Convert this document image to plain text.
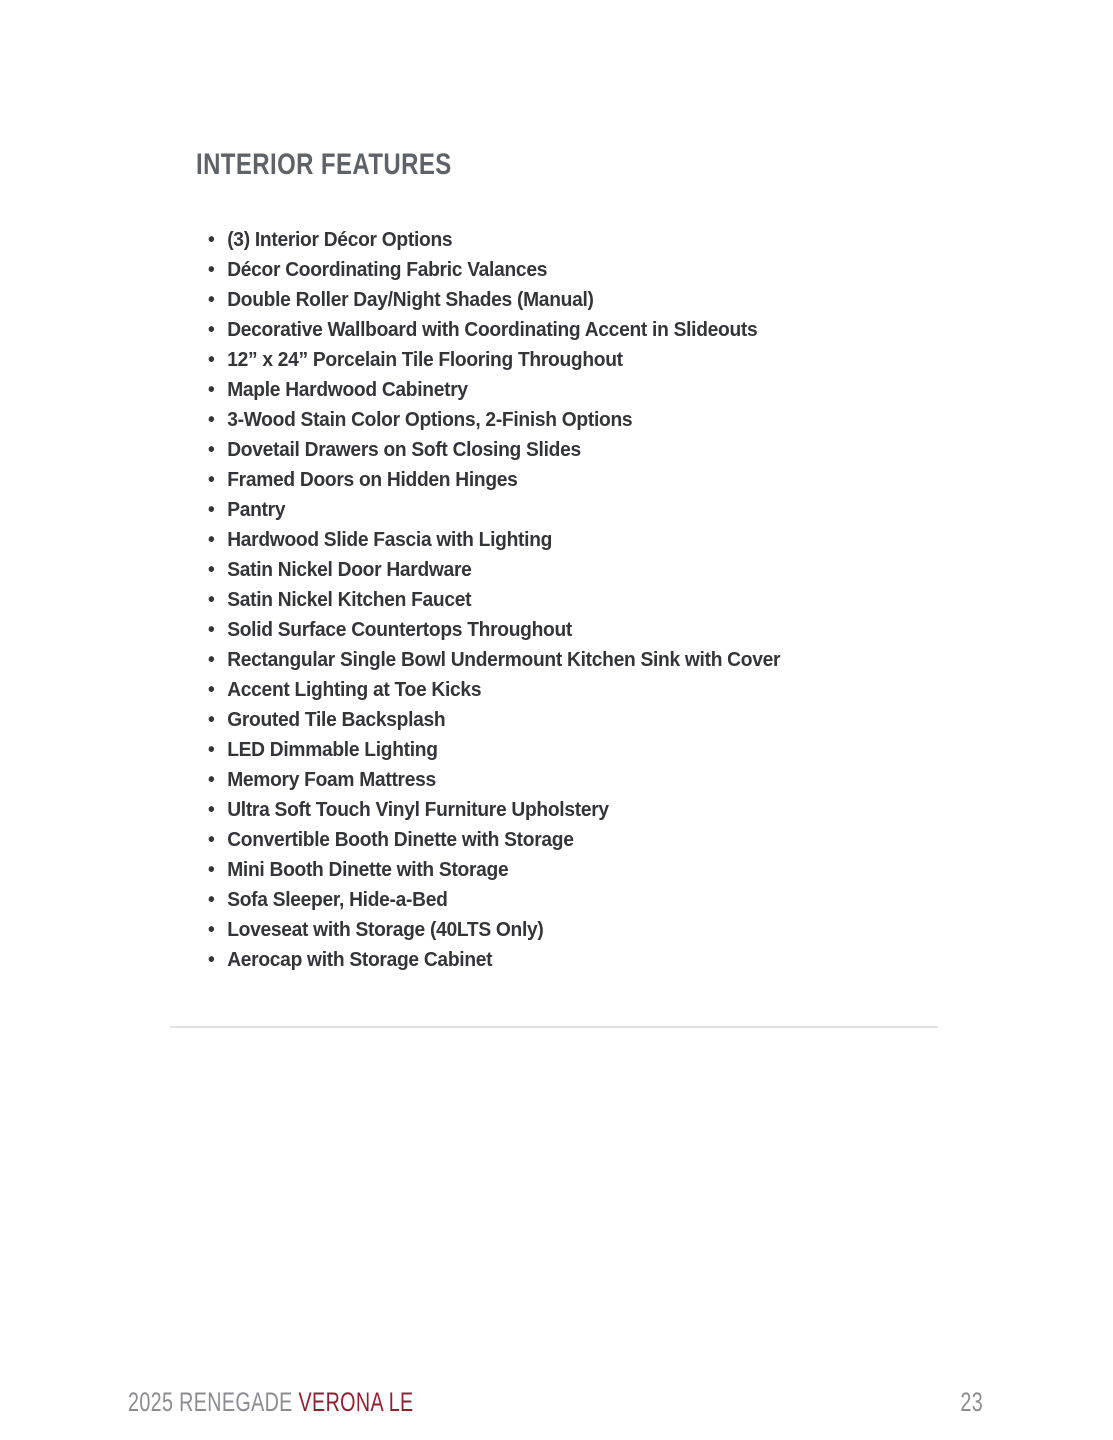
INTERIOR FEATURES
• (3) Interior Décor Options
• Décor Coordinating Fabric Valances
• Double Roller Day/Night Shades (Manual)
• Decorative Wallboard with Coordinating Accent in Slideouts
• 12” x 24” Porcelain Tile Flooring Throughout
• Maple Hardwood Cabinetry
• 3-Wood Stain Color Options, 2-Finish Options
• Dovetail Drawers on Soft Closing Slides
• Framed Doors on Hidden Hinges
• Pantry
• Hardwood Slide Fascia with Lighting
• Satin Nickel Door Hardware
• Satin Nickel Kitchen Faucet
• Solid Surface Countertops Throughout
• Rectangular Single Bowl Undermount Kitchen Sink with Cover
• Accent Lighting at Toe Kicks
• Grouted Tile Backsplash
• LED Dimmable Lighting
• Memory Foam Mattress
• Ultra Soft Touch Vinyl Furniture Upholstery
• Convertible Booth Dinette with Storage
• Mini Booth Dinette with Storage
• Sofa Sleeper, Hide-a-Bed
• Loveseat with Storage (40LTS Only)
• Aerocap with Storage Cabinet
2025 RENEGADE VERONA LE	23
